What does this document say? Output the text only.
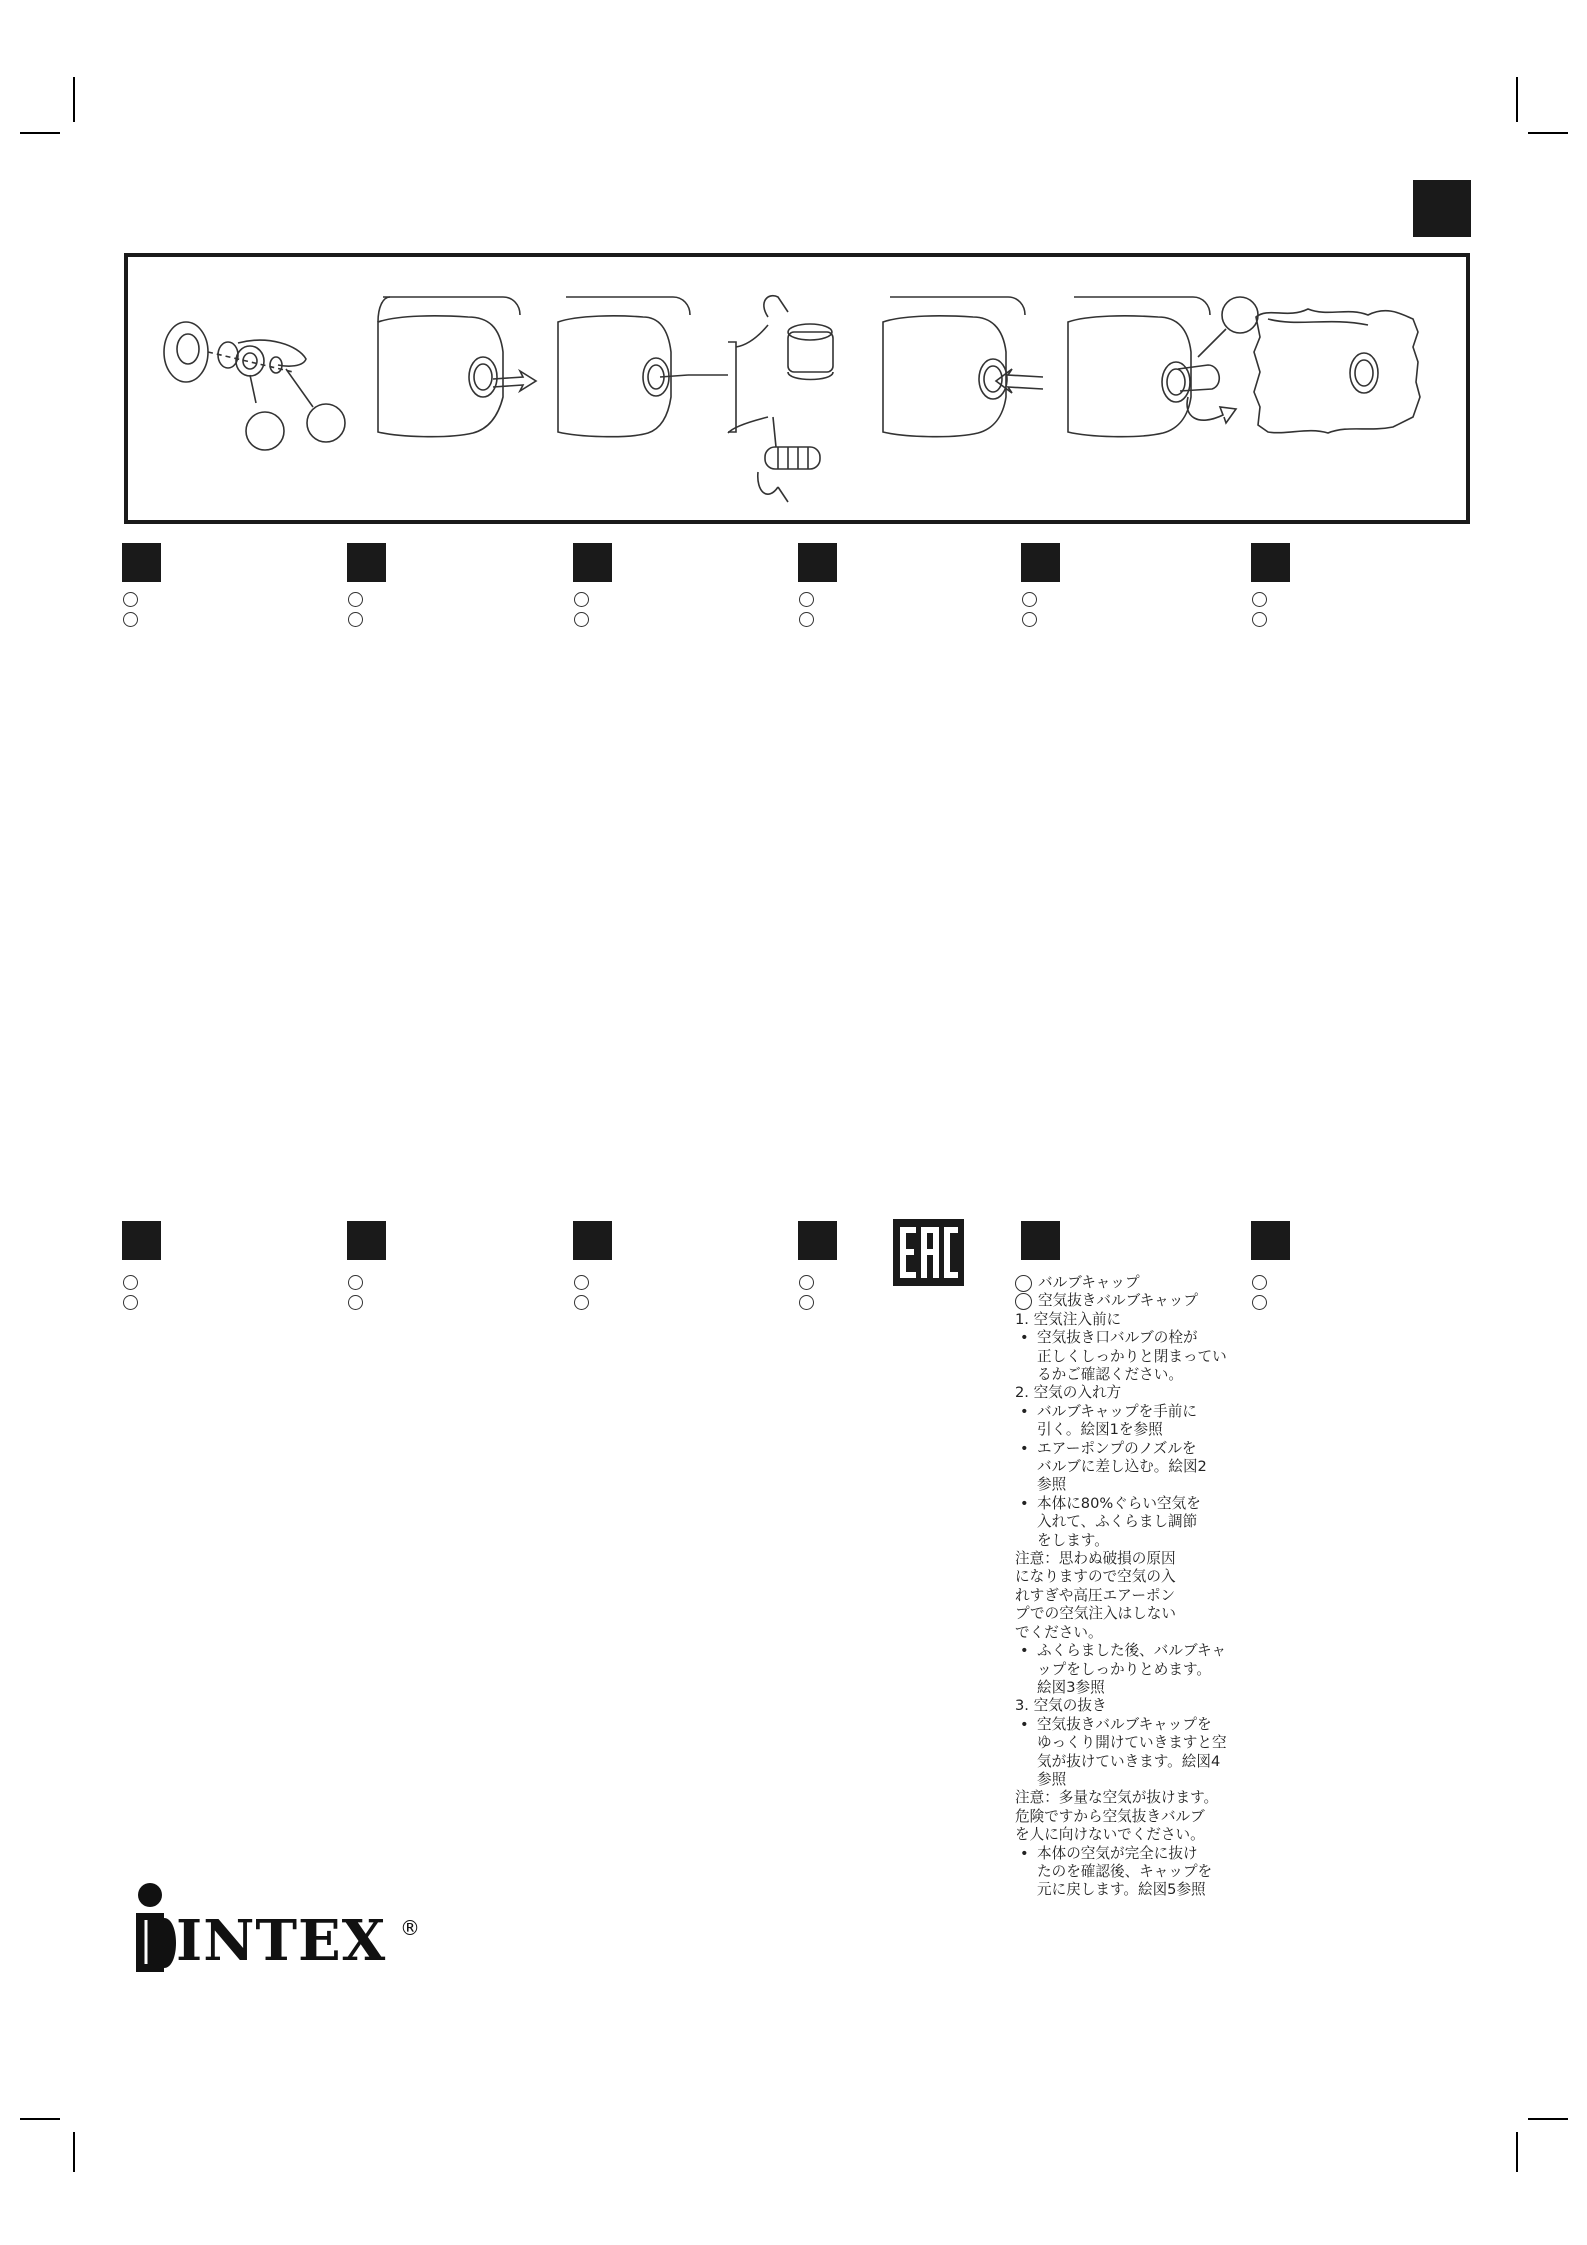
バルブキャップ
空気抜きバルブキャップ
1. 空気注入前に
• 空気抜き口バルブの栓が
正しくしっかりと閉まってい
るかご確認ください。
2. 空気の入れ方
• バルブキャップを手前に
引く。絵図1を参照
• エアーポンプのノズルを
バルブに差し込む。絵図2
参照
• 本体に80%ぐらい空気を
入れて、ふくらまし調節
をします。
注意：思わぬ破損の原因
になりますので空気の入
れすぎや高圧エアーポン
プでの空気注入はしない
でください。
• ふくらました後、バルブキャ
ップをしっかりとめます。
絵図3参照
3. 空気の抜き
• 空気抜きバルブキャップを
ゆっくり開けていきますと空
気が抜けていきます。絵図4
参照
注意：多量な空気が抜けます。
危険ですから空気抜きバルブ
を人に向けないでください。
• 本体の空気が完全に抜け
たのを確認後、キャップを
元に戻します。絵図5参照
INTEX ®
